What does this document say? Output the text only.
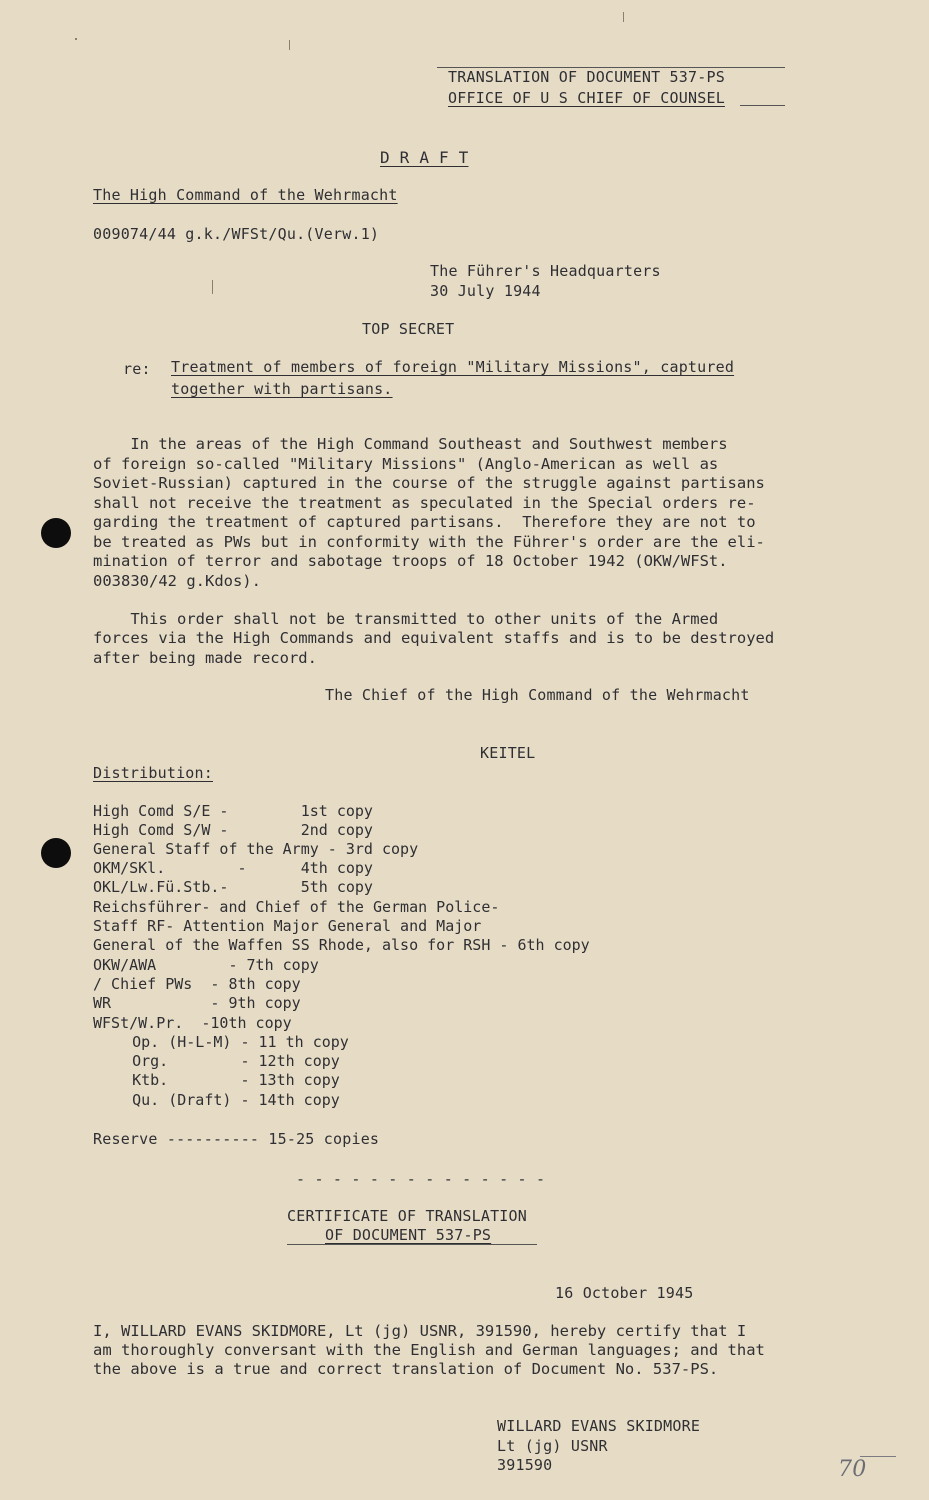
TRANSLATION OF DOCUMENT 537-PS
OFFICE OF U S CHIEF OF COUNSEL
D R A F T
The High Command of the Wehrmacht
009074/44 g.k./WFSt/Qu.(Verw.1)
The Führer's Headquarters
30 July 1944
TOP SECRET
re: Treatment of members of foreign "Military Missions", captured
together with partisans.
In the areas of the High Command Southeast and Southwest members
of foreign so-called "Military Missions" (Anglo-American as well as
Soviet-Russian) captured in the course of the struggle against partisans
shall not receive the treatment as speculated in the Special orders re-
garding the treatment of captured partisans.  Therefore they are not to
be treated as PWs but in conformity with the Führer's order are the eli-
mination of terror and sabotage troops of 18 October 1942 (OKW/WFSt.
003830/42 g.Kdos).
This order shall not be transmitted to other units of the Armed
forces via the High Commands and equivalent staffs and is to be destroyed
after being made record.
The Chief of the High Command of the Wehrmacht
KEITEL
Distribution:
High Comd S/E -        1st copy
High Comd S/W -        2nd copy
General Staff of the Army - 3rd copy
OKM/SKl.        -      4th copy
OKL/Lw.Fü.Stb.-        5th copy
Reichsführer- and Chief of the German Police-
Staff RF- Attention Major General and Major
General of the Waffen SS Rhode, also for RSH - 6th copy
OKW/AWA        - 7th copy
/ Chief PWs  - 8th copy
WR           - 9th copy
WFSt/W.Pr.  -10th copy
Op. (H-L-M) - 11 th copy
Org.        - 12th copy
Ktb.        - 13th copy
Qu. (Draft) - 14th copy
Reserve ---------- 15-25 copies
- - - - - - - - - - - - - -
CERTIFICATE OF TRANSLATION
OF DOCUMENT 537-PS
16 October 1945
I, WILLARD EVANS SKIDMORE, Lt (jg) USNR, 391590, hereby certify that I
am thoroughly conversant with the English and German languages; and that
the above is a true and correct translation of Document No. 537-PS.
WILLARD EVANS SKIDMORE
Lt (jg) USNR
391590	70
